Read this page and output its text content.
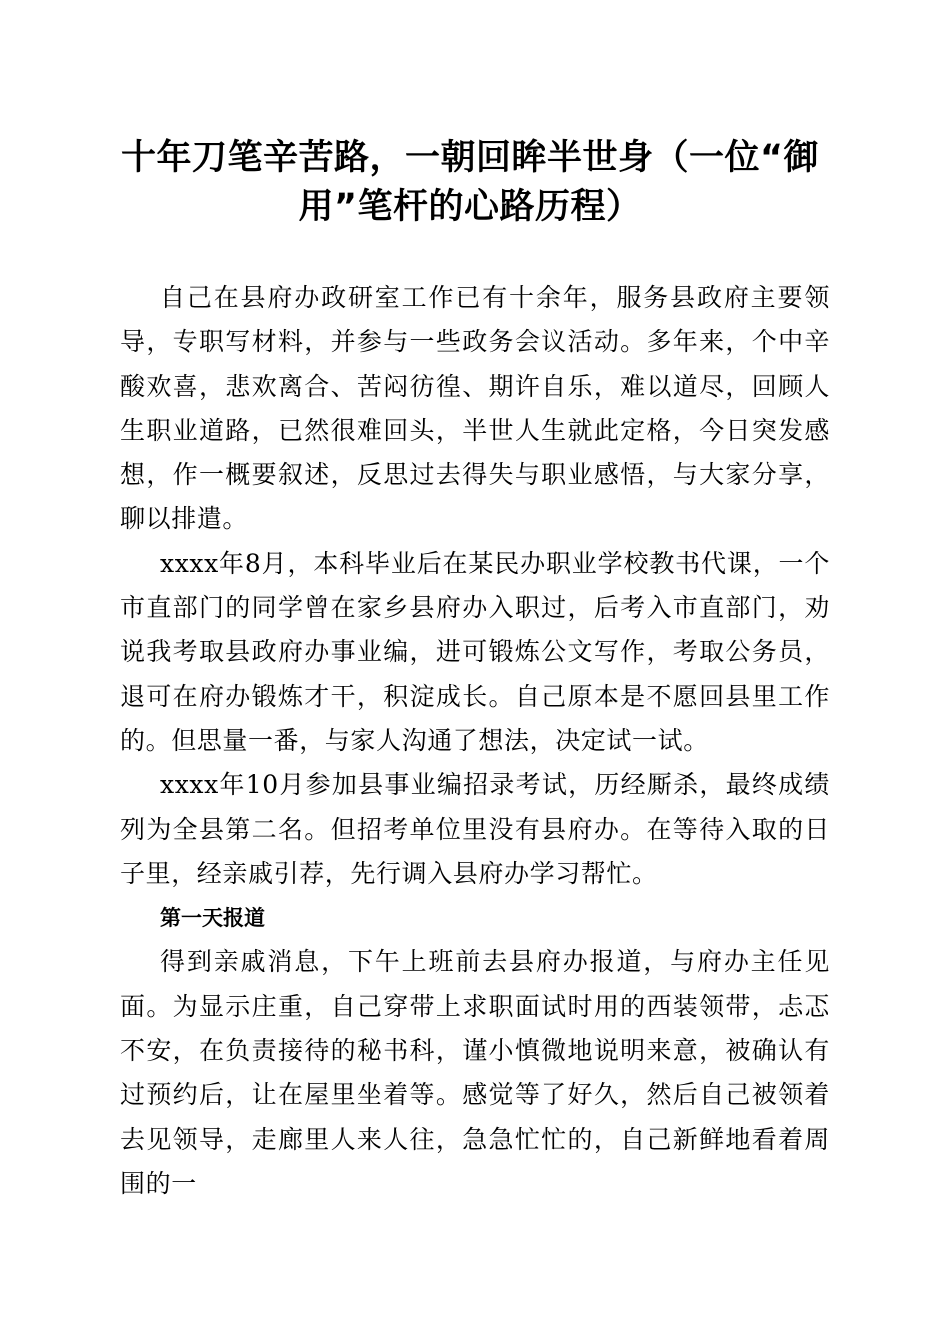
十年刀笔辛苦路，一朝回眸半世身（一位“御用”笔杆的心路历程）

自己在县府办政研室工作已有十余年，服务县政府主要领导，专职写材料，并参与一些政务会议活动。多年来，个中辛酸欢喜，悲欢离合、苦闷彷徨、期许自乐，难以道尽，回顾人生职业道路，已然很难回头，半世人生就此定格，今日突发感想，作一概要叙述，反思过去得失与职业感悟，与大家分享，聊以排遣。

xxxx年8月，本科毕业后在某民办职业学校教书代课，一个市直部门的同学曾在家乡县府办入职过，后考入市直部门，劝说我考取县政府办事业编，进可锻炼公文写作，考取公务员，退可在府办锻炼才干，积淀成长。自己原本是不愿回县里工作的。但思量一番，与家人沟通了想法，决定试一试。

xxxx年10月参加县事业编招录考试，历经厮杀，最终成绩列为全县第二名。但招考单位里没有县府办。在等待入取的日子里，经亲戚引荐，先行调入县府办学习帮忙。

第一天报道

得到亲戚消息，下午上班前去县府办报道，与府办主任见面。为显示庄重，自己穿带上求职面试时用的西装领带，忐忑不安，在负责接待的秘书科，谨小慎微地说明来意，被确认有过预约后，让在屋里坐着等。感觉等了好久，然后自己被领着去见领导，走廊里人来人往，急急忙忙的，自己新鲜地看着周围的一
